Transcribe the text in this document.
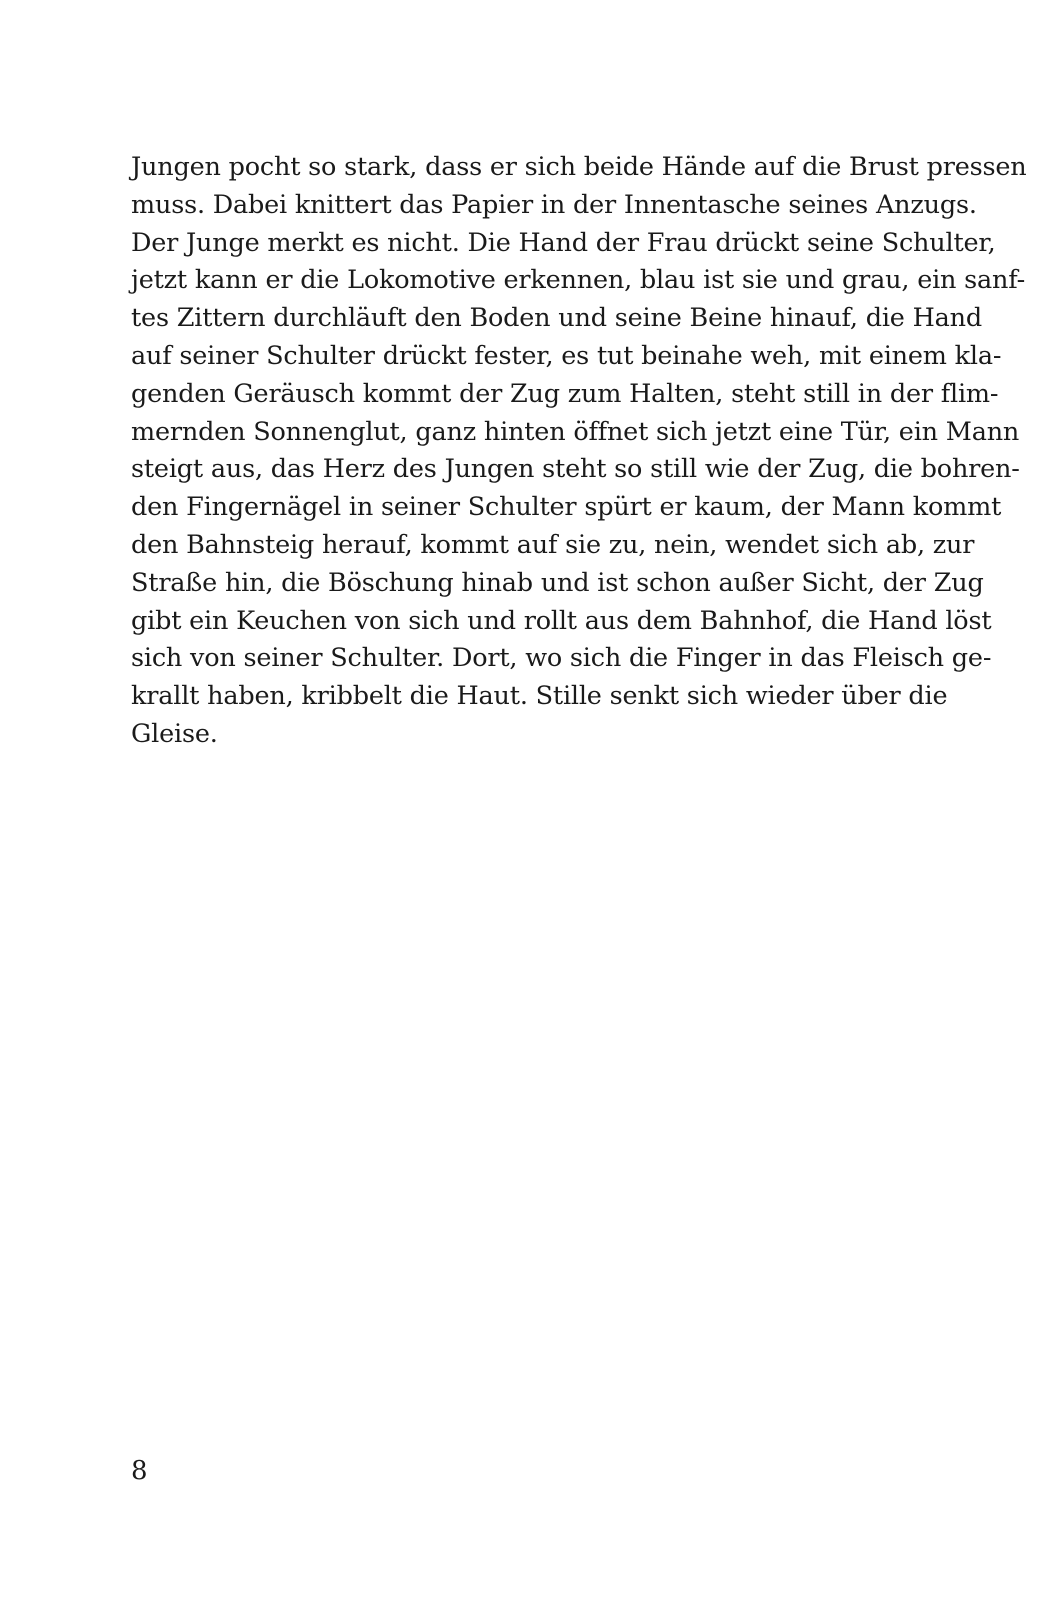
Jungen pocht so stark, dass er sich beide Hände auf die Brust pressen
muss. Dabei knittert das Papier in der Innentasche seines Anzugs.
Der Junge merkt es nicht. Die Hand der Frau drückt seine Schulter,
jetzt kann er die Lokomotive erkennen, blau ist sie und grau, ein sanf-
tes Zittern durchläuft den Boden und seine Beine hinauf, die Hand
auf seiner Schulter drückt fester, es tut beinahe weh, mit einem kla-
genden Geräusch kommt der Zug zum Halten, steht still in der flim-
mernden Sonnenglut, ganz hinten öffnet sich jetzt eine Tür, ein Mann
steigt aus, das Herz des Jungen steht so still wie der Zug, die bohren-
den Fingernägel in seiner Schulter spürt er kaum, der Mann kommt
den Bahnsteig herauf, kommt auf sie zu, nein, wendet sich ab, zur
Straße hin, die Böschung hinab und ist schon außer Sicht, der Zug
gibt ein Keuchen von sich und rollt aus dem Bahnhof, die Hand löst
sich von seiner Schulter. Dort, wo sich die Finger in das Fleisch ge-
krallt haben, kribbelt die Haut. Stille senkt sich wieder über die
Gleise.
8
